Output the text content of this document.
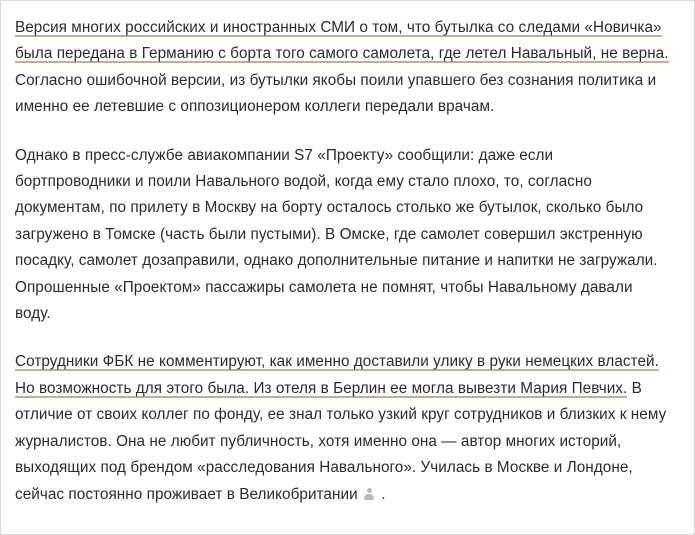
Версия многих российских и иностранных СМИ о том, что бутылка со следами «Новичка» была передана в Германию с борта того самого самолета, где летел Навальный, не верна. Согласно ошибочной версии, из бутылки якобы поили упавшего без сознания политика и именно ее летевшие с оппозиционером коллеги передали врачам.

Однако в пресс-службе авиакомпании S7 «Проекту» сообщили: даже если бортпроводники и поили Навального водой, когда ему стало плохо, то, согласно документам, по прилету в Москву на борту осталось столько же бутылок, сколько было загружено в Томске (часть были пустыми). В Омске, где самолет совершил экстренную посадку, самолет дозаправили, однако дополнительные питание и напитки не загружали. Опрошенные «Проектом» пассажиры самолета не помнят, чтобы Навальному давали воду.

Сотрудники ФБК не комментируют, как именно доставили улику в руки немецких властей. Но возможность для этого была. Из отеля в Берлин ее могла вывезти Мария Певчих. В отличие от своих коллег по фонду, ее знал только узкий круг сотрудников и близких к нему журналистов. Она не любит публичность, хотя именно она — автор многих историй, выходящих под брендом «расследования Навального». Училась в Москве и Лондоне, сейчас постоянно проживает в Великобритании  .
